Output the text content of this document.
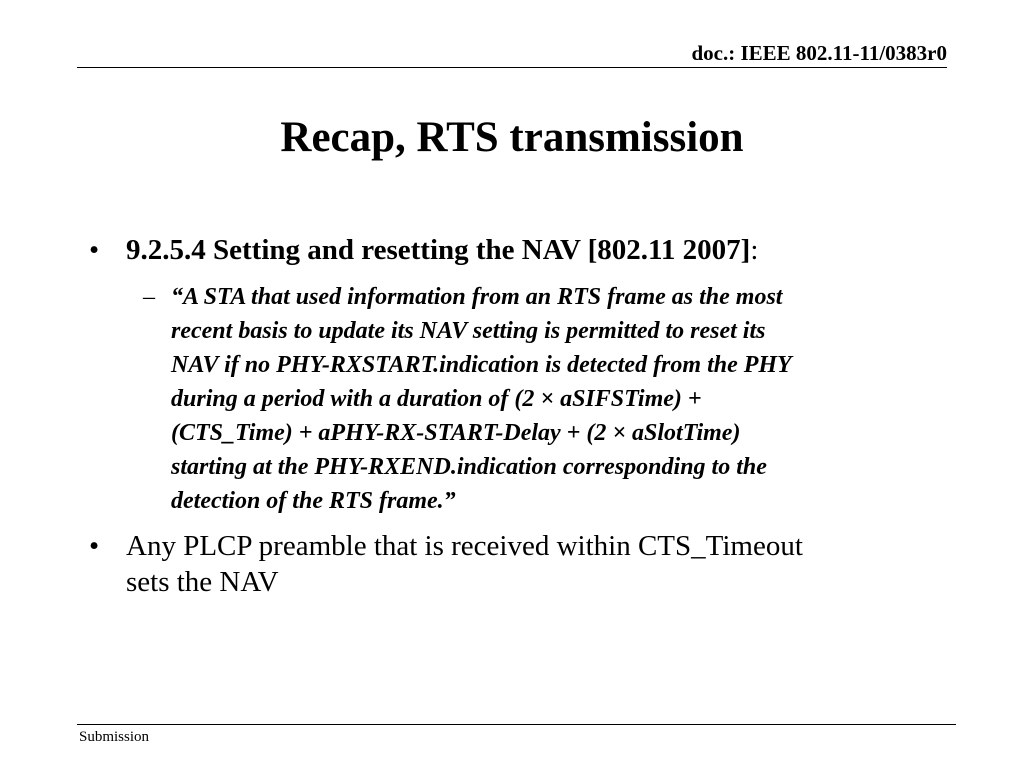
doc.: IEEE 802.11-11/0383r0
Recap, RTS transmission
• 9.2.5.4 Setting and resetting the NAV [802.11 2007]:
– “A STA that used information from an RTS frame as the most
recent basis to update its NAV setting is permitted to reset its
NAV if no PHY-RXSTART.indication is detected from the PHY
during a period with a duration of (2 × aSIFSTime) +
(CTS_Time) + aPHY-RX-START-Delay + (2 × aSlotTime)
starting at the PHY-RXEND.indication corresponding to the
detection of the RTS frame.”
• Any PLCP preamble that is received within CTS_Timeout
sets the NAV
Submission
